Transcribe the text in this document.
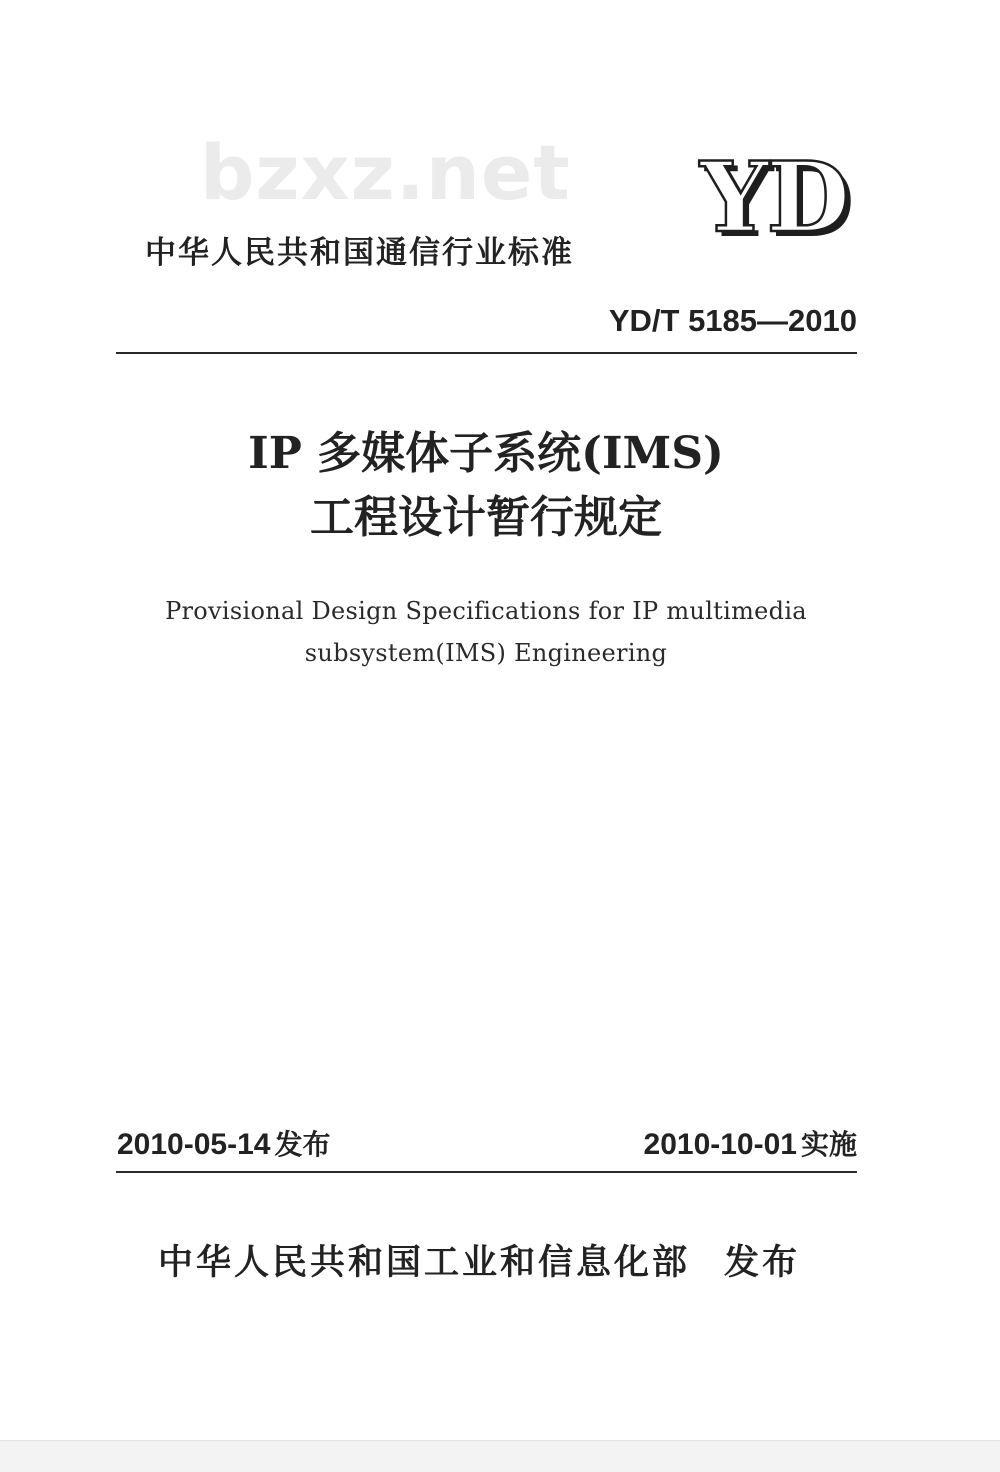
bzxz.net YD
中华人民共和国通信行业标准
YD/T 5185—2010
IP 多媒体子系统(IMS)
工程设计暂行规定
Provisional Design Specifications for IP multimedia
subsystem(IMS) Engineering
2010-05-14 发布	2010-10-01 实施
中华人民共和国工业和信息化部 发布
